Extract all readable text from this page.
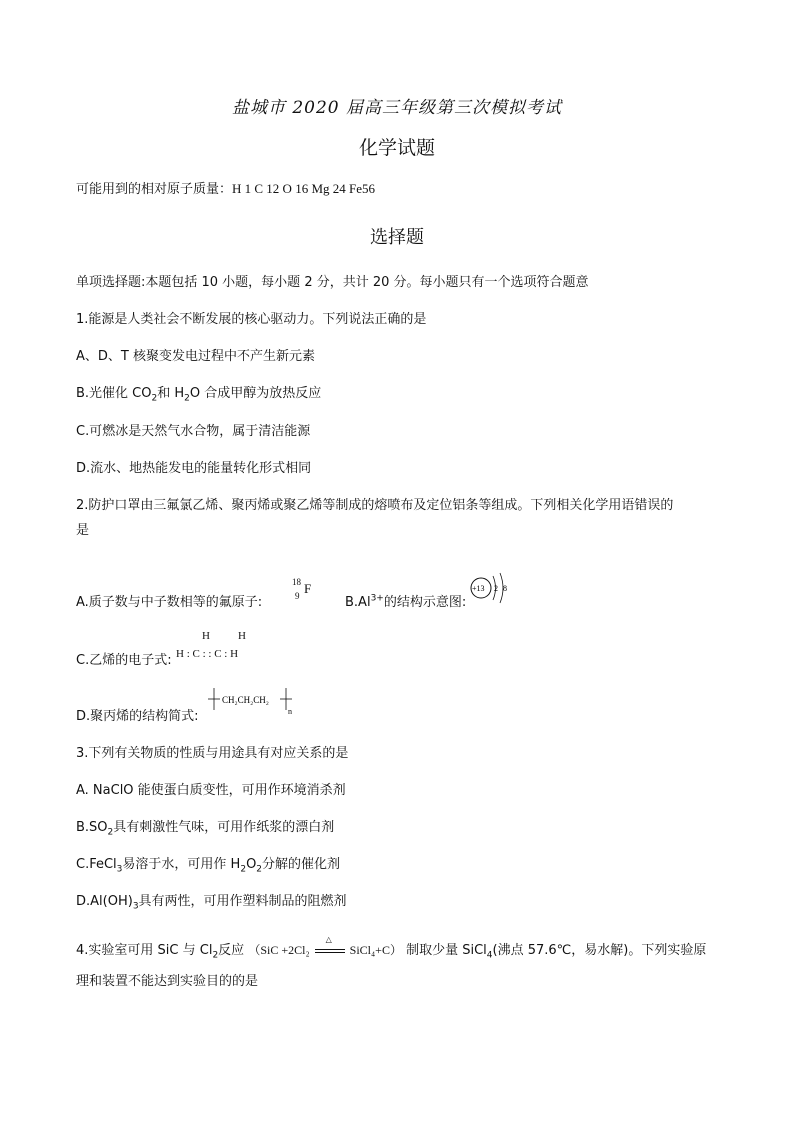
盐城市 2020 届高三年级第三次模拟考试
化学试题
可能用到的相对原子质量：H 1 C 12 O 16 Mg 24 Fe56
选择题
单项选择题:本题包括 10 小题，每小题 2 分，共计 20 分。每小题只有一个选项符合题意
1.能源是人类社会不断发展的核心驱动力。下列说法正确的是
A、D、T 核聚变发电过程中不产生新元素
B.光催化 $CO_2$和 $H_2O$ 合成甲醇为放热反应
C.可燃冰是天然气水合物，属于清洁能源
D.流水、地热能发电的能量转化形式相同
2.防护口罩由三氟氯乙烯、聚丙烯或聚乙烯等制成的熔喷布及定位铝条等组成。下列相关化学用语错误的
是
A.质子数与中子数相等的氟原子:
18
9 F
$B.Al^{3+}$的结构示意图:
+13 2 8
C.乙烯的电子式:
H	H
H : C : : C : H
D.聚丙烯的结构简式:
CH₂CH₂CH₂
n
3.下列有关物质的性质与用途具有对应关系的是
A. NaClO 能使蛋白质变性，可用作环境消杀剂
$B.SO_2$具有刺激性气味，可用作纸浆的漂白剂
C.FeCl$_3$易溶于水，可用作 $H_2O_2$分解的催化剂
$D.Al(OH)_3$具有两性，可用作塑料制品的阻燃剂
4.实验室可用 SiC 与 $Cl_2$反应 （SiC +2Cl₂
△
SiCl₄+C） 制取少量 SiCl$_4$(沸点 57.6℃，易水解)。下列实验原
理和装置不能达到实验目的的是
